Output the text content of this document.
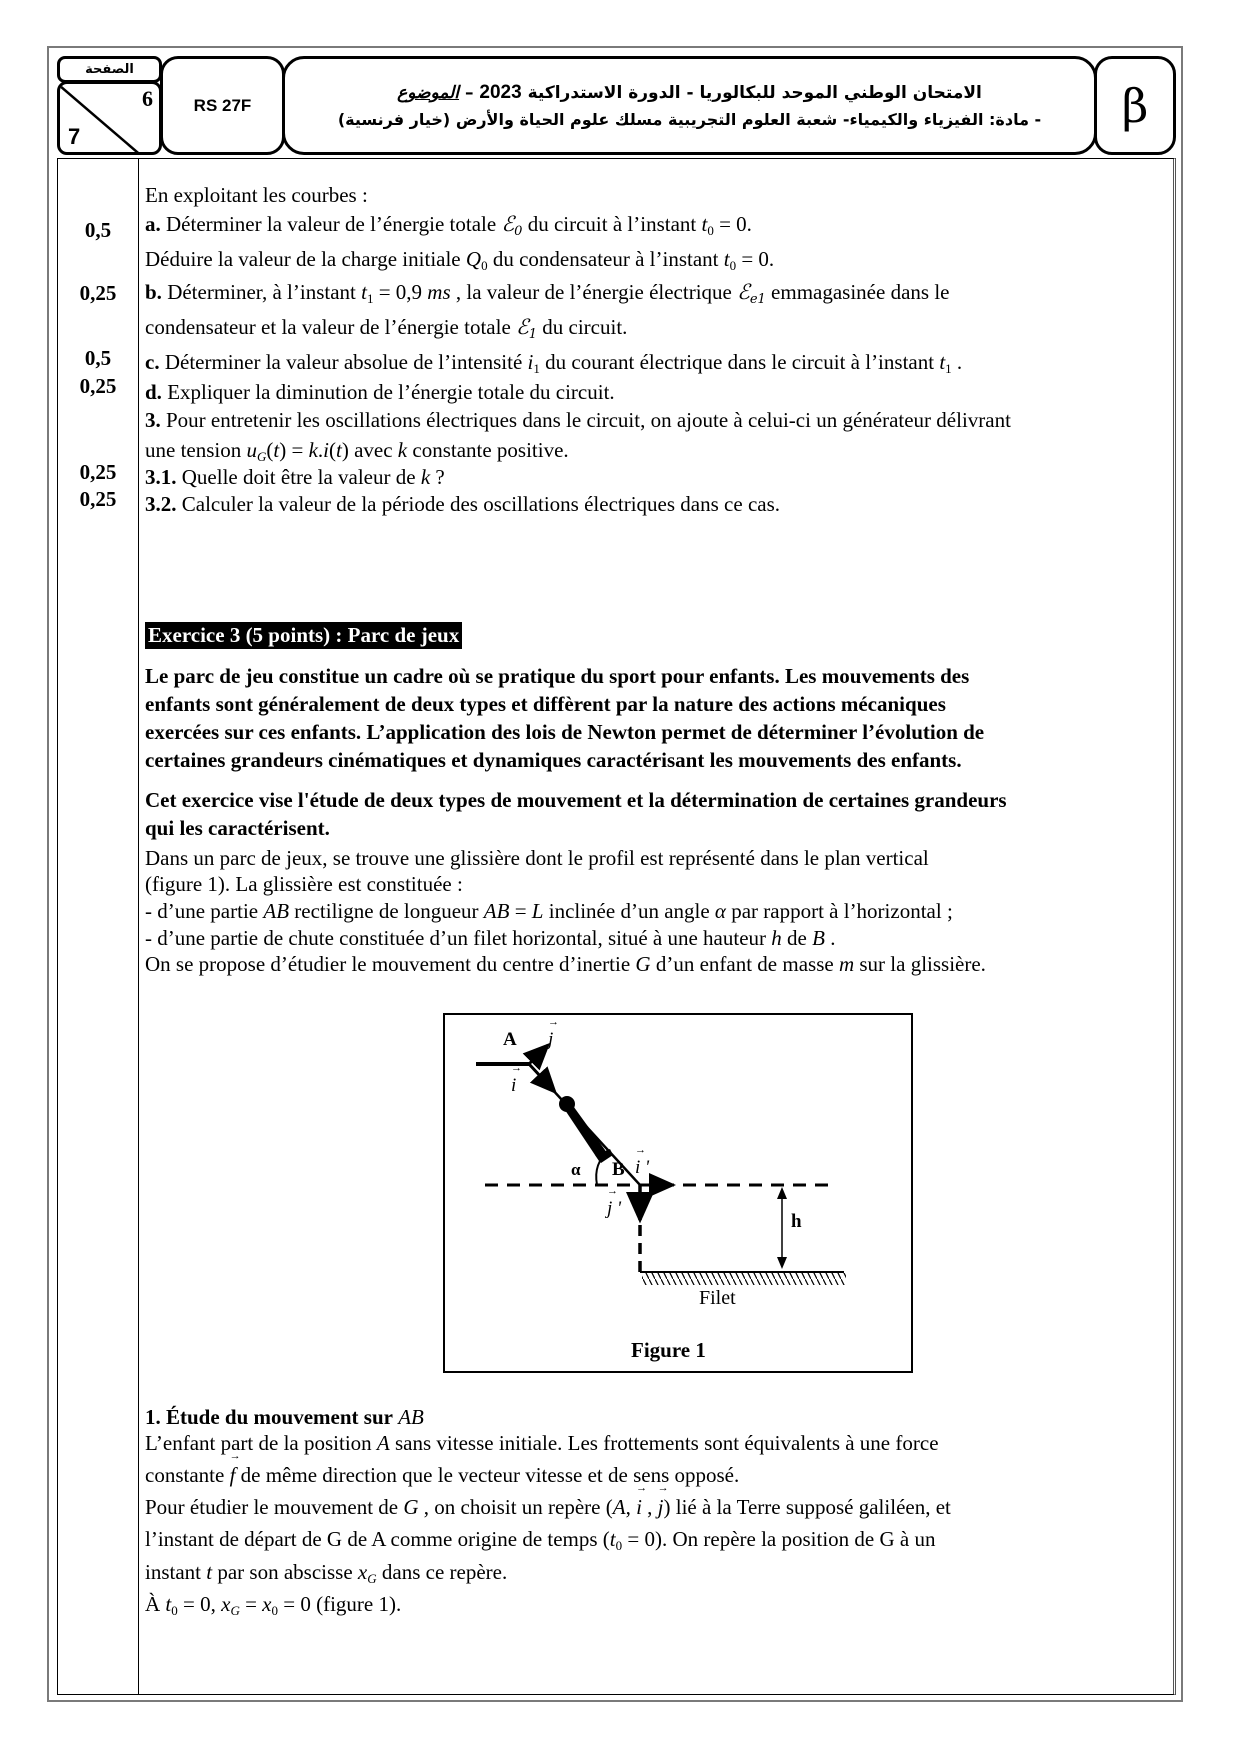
الصفحة
6
7
RS 27F
الامتحان الوطني الموحد للبكالوريا - الدورة الاستدراكية 2023 – الموضوع
- مادة: الفيزياء والكيمياء- شعبة العلوم التجريبية مسلك علوم الحياة والأرض (خيار فرنسية) β
En exploitant les courbes :
0,5	a. Déterminer la valeur de l’énergie totale ℰ$_0$ du circuit à l’instant $t_0 = 0$.
Déduire la valeur de la charge initiale $Q_0$ du condensateur à l’instant $t_0 = 0$.
0,25	b. Déterminer, à l’instant $t_1 = 0,9$ ms , la valeur de l’énergie électrique ℰ$_{e1}$ emmagasinée dans le
condensateur et la valeur de l’énergie totale ℰ$_1$ du circuit.
0,5	c. Déterminer la valeur absolue de l’intensité $i_1$ du courant électrique dans le circuit à l’instant $t_1$ .
0,25	d. Expliquer la diminution de l’énergie totale du circuit.
3. Pour entretenir les oscillations électriques dans le circuit, on ajoute à celui-ci un générateur délivrant
une tension $u_G(t) = k.i(t)$ avec k constante positive.
0,25	3.1. Quelle doit être la valeur de k ?
0,25	3.2. Calculer la valeur de la période des oscillations électriques dans ce cas.
Exercice 3 (5 points) : Parc de jeux
Le parc de jeu constitue un cadre où se pratique du sport pour enfants. Les mouvements des
enfants sont généralement de deux types et diffèrent par la nature des actions mécaniques
exercées sur ces enfants. L’application des lois de Newton permet de déterminer l’évolution de
certaines grandeurs cinématiques et dynamiques caractérisant les mouvements des enfants.
Cet exercice vise l'étude de deux types de mouvement et la détermination de certaines grandeurs
qui les caractérisent.
Dans un parc de jeux, se trouve une glissière dont le profil est représenté dans le plan vertical
(figure 1). La glissière est constituée :
- d’une partie AB rectiligne de longueur AB = L inclinée d’un angle α par rapport à l’horizontal ;
- d’une partie de chute constituée d’un filet horizontal, situé à une hauteur h de B .
On se propose d’étudier le mouvement du centre d’inertie G d’un enfant de masse m sur la glissière.
A → j
→ i
α B → i '
→ j '
h
Filet
Figure 1
1. Étude du mouvement sur AB
L’enfant part de la position A sans vitesse initiale. Les frottements sont équivalents à une force
constante → f de même direction que le vecteur vitesse et de sens opposé.
Pour étudier le mouvement de G , on choisit un repère (A, → i , → j) lié à la Terre supposé galiléen, et
l’instant de départ de G de A comme origine de temps $(t_0 = 0)$. On repère la position de G à un
instant t par son abscisse $x_G$ dans ce repère.
À $t_0 = 0$, $x_G = x_0 = 0$ (figure 1).
